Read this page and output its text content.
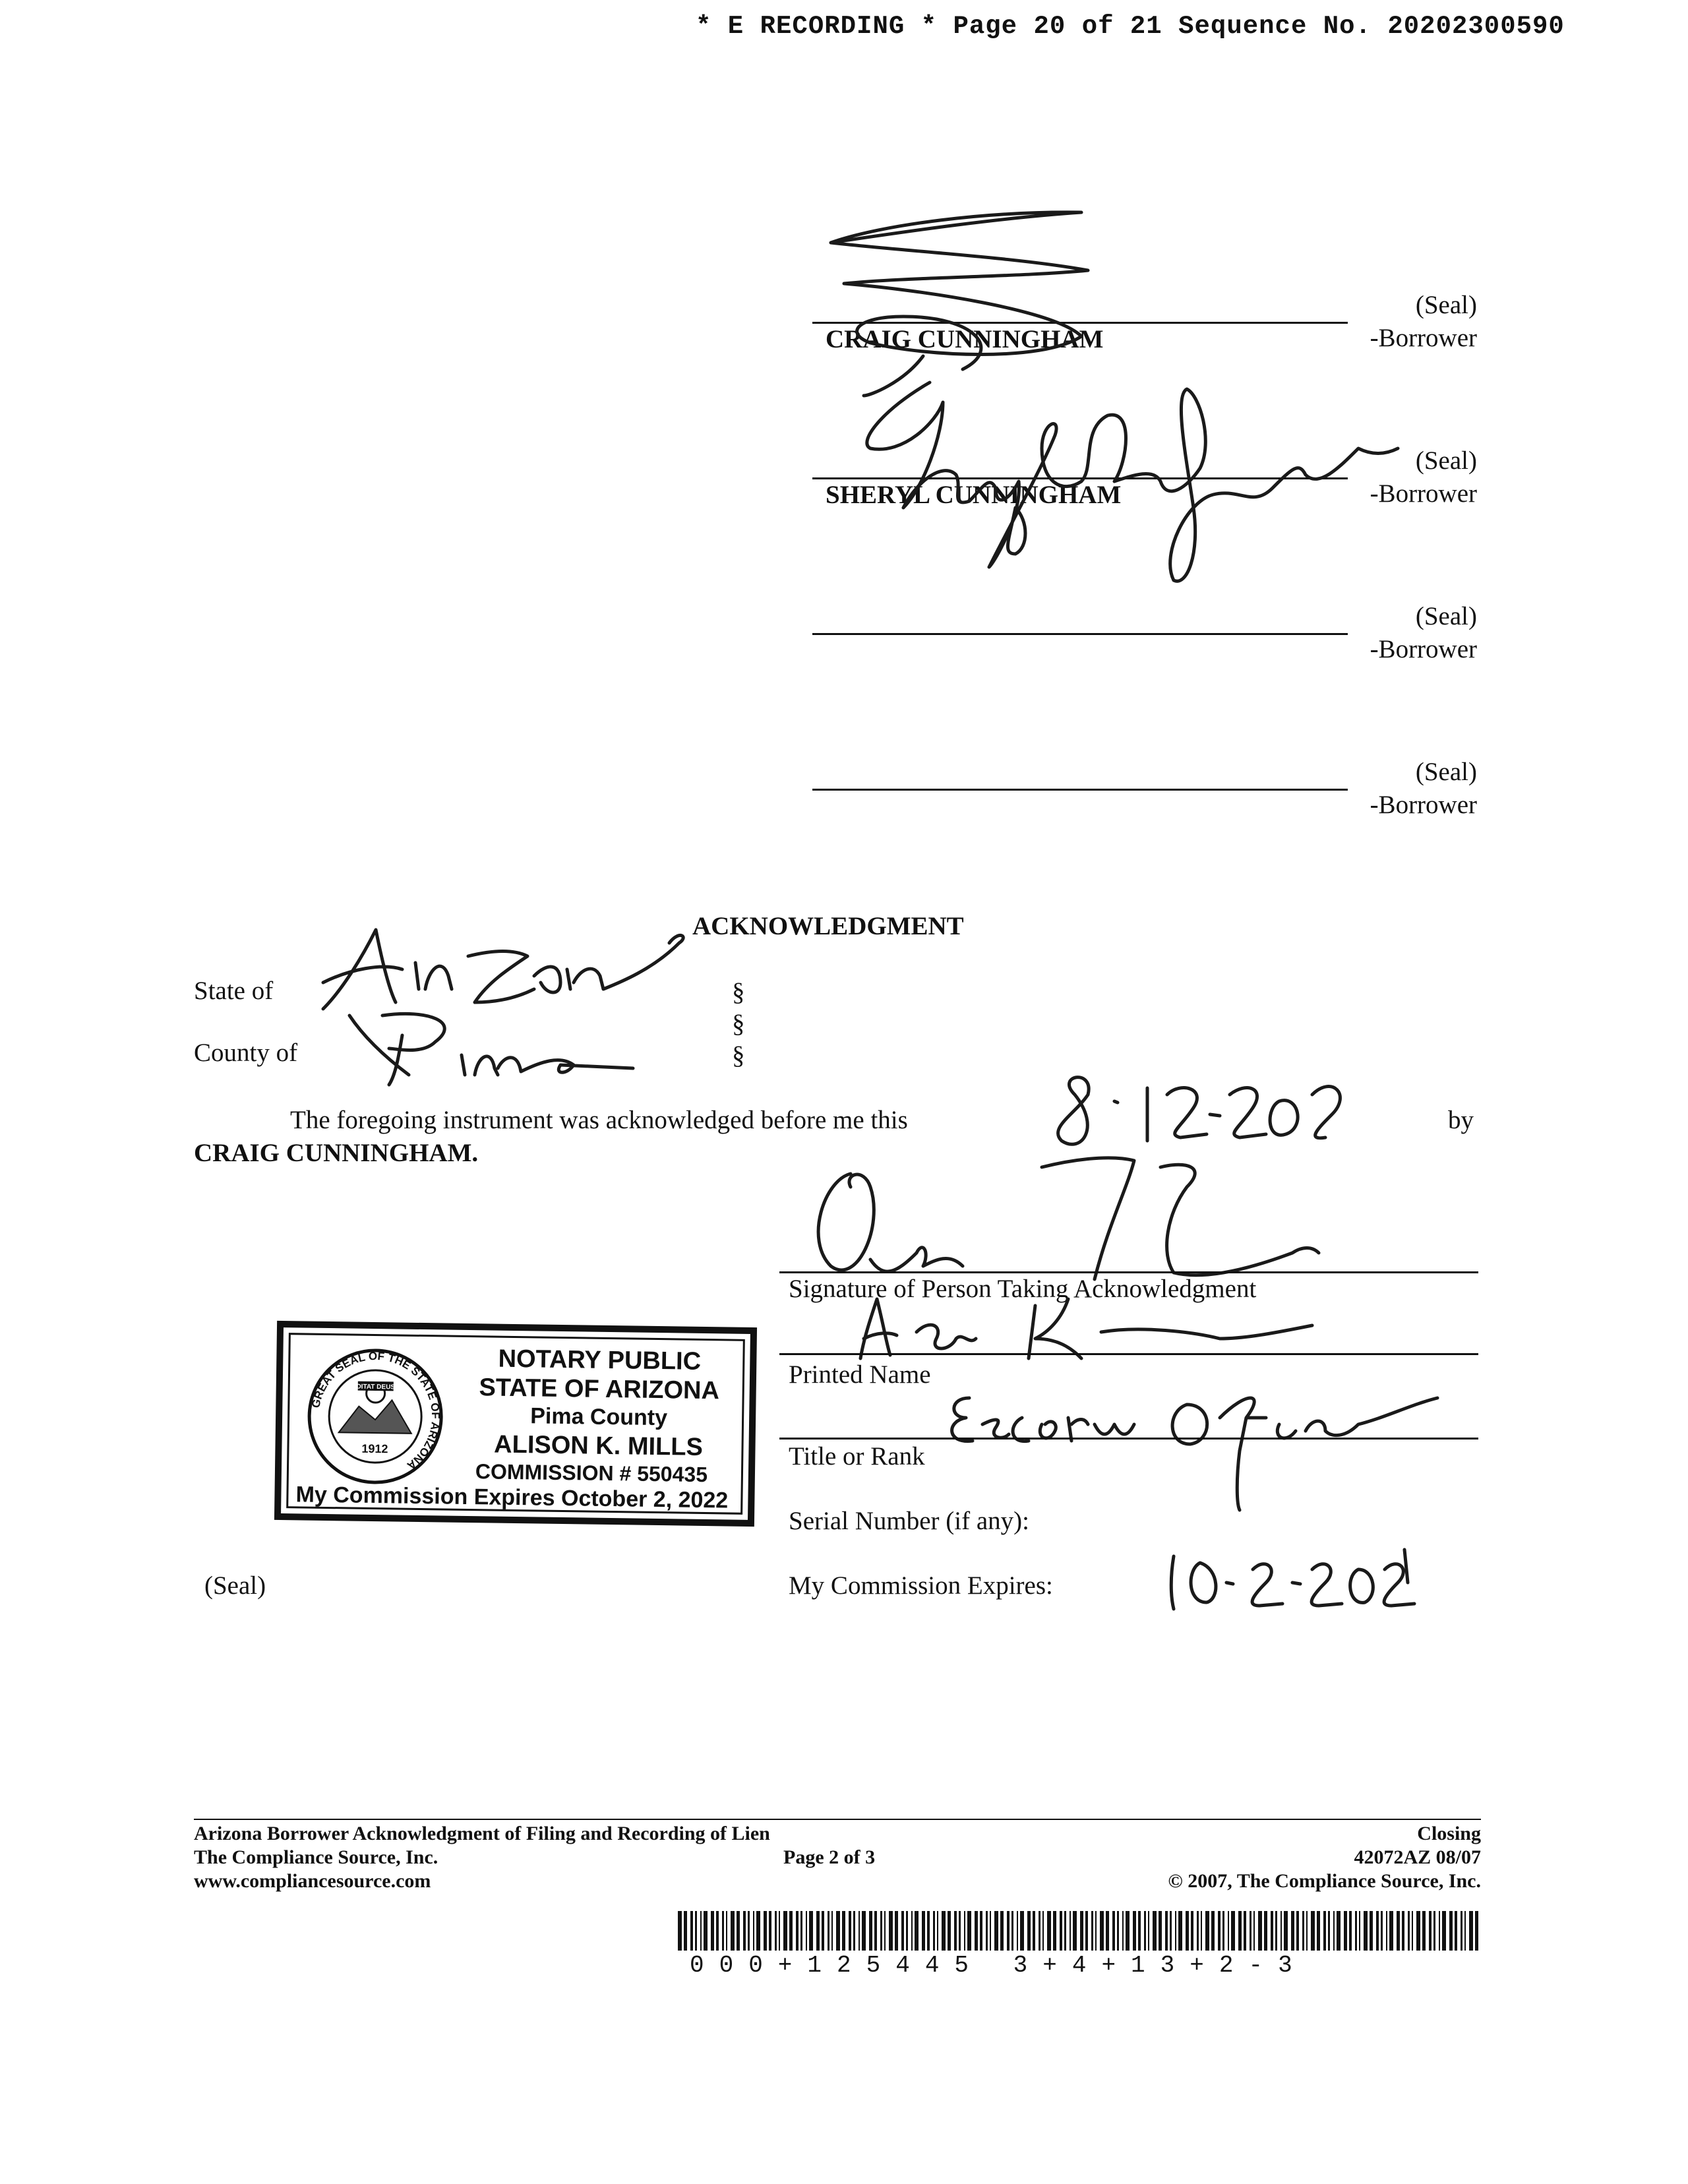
* E RECORDING * Page 20 of 21 Sequence No. 20202300590
(Seal)
-Borrower
CRAIG CUNNINGHAM
(Seal)
-Borrower
SHERYL CUNNINGHAM
(Seal)
-Borrower
(Seal)
-Borrower
ACKNOWLEDGMENT
State of
County of
§
§
§
The foregoing instrument was acknowledged before me this	by
CRAIG CUNNINGHAM.
Signature of Person Taking Acknowledgment
Printed Name
Title or Rank
Serial Number (if any):
My Commission Expires:
(Seal)
DITAT DEUS
1912
GREAT SEAL OF THE STATE OF ARIZONA
NOTARY PUBLIC
STATE OF ARIZONA
Pima County
ALISON K. MILLS
COMMISSION # 550435
My Commission Expires October 2, 2022
Arizona Borrower Acknowledgment of Filing and Recording of Lien	Closing
The Compliance Source, Inc.	Page 2 of 3	42072AZ 08/07
www.compliancesource.com	© 2007, The Compliance Source, Inc.
000+125445 3+4+13+2-3
